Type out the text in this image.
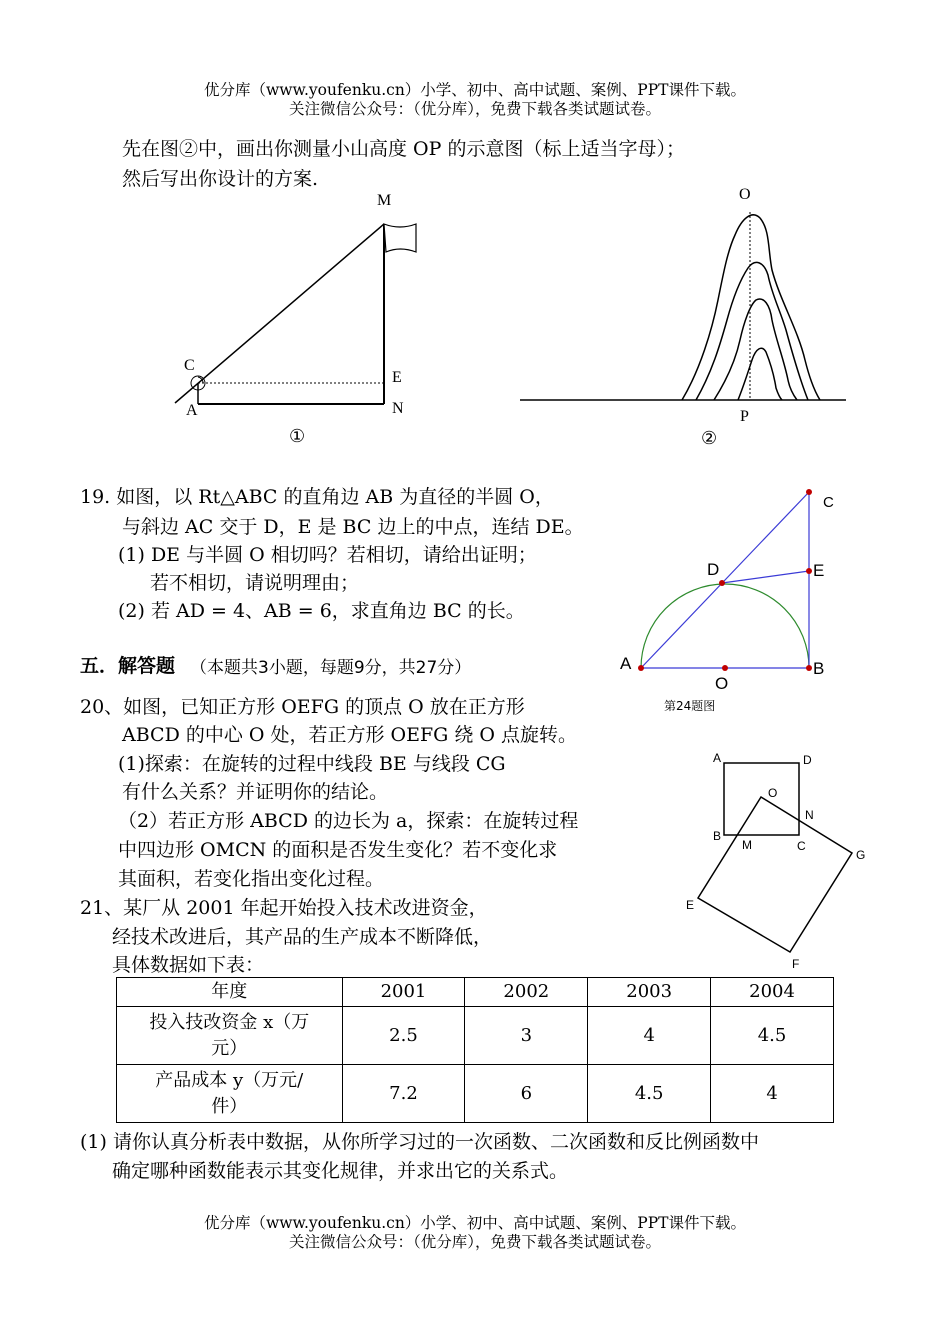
优分库（www.youfenku.cn）小学、初中、高中试题、案例、PPT课件下载。
关注微信公众号：（优分库），免费下载各类试题试卷。
先在图②中，画出你测量小山高度 OP 的示意图（标上适当字母）；
然后写出你设计的方案.
M
C
E
A	N
①
O
P
②
19. 如图，以 Rt△ABC 的直角边 AB 为直径的半圆 O，
与斜边 AC 交于 D，E 是 BC 边上的中点，连结 DE。
(1) DE 与半圆 O 相切吗？若相切，请给出证明；
若不相切，请说明理由；
(2) 若 AD = 4、AB = 6，求直角边 BC 的长。
C
D	E
A	B
O
第24题图
五．解答题 （本题共3小题，每题9分，共27分）
20、如图，已知正方形 OEFG 的顶点 O 放在正方形
ABCD 的中心 O 处，若正方形 OEFG 绕 O 点旋转。
(1)探索：在旋转的过程中线段 BE 与线段 CG
有什么关系？并证明你的结论。
（2）若正方形 ABCD 的边长为 a，探索：在旋转过程
中四边形 OMCN 的面积是否发生变化？若不变化求
其面积，若变化指出变化过程。
A	D
O
N
B
M	C
G
E
F
21、某厂从 2001 年起开始投入技术改进资金，
经技术改进后，其产品的生产成本不断降低，
具体数据如下表：
年度	2001	2002	2003	2004

投入技改资金 x（万
元）	2.5	3	4	4.5

产品成本 y（万元/
件）	7.2	6	4.5	4
(1) 请你认真分析表中数据，从你所学习过的一次函数、二次函数和反比例函数中
确定哪种函数能表示其变化规律，并求出它的关系式。
优分库（www.youfenku.cn）小学、初中、高中试题、案例、PPT课件下载。
关注微信公众号：（优分库），免费下载各类试题试卷。
